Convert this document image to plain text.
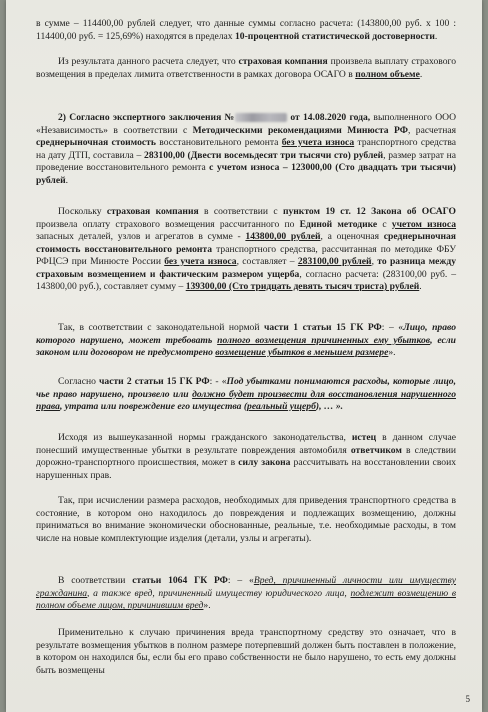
в сумме – 114400,00 рублей следует, что данные суммы согласно расчета: (143800,00 руб. х 100 : 114400,00 руб. = 125,69%) находятся в пределах 10-процентной статистической достоверности.

Из результата данного расчета следует, что страховая компания произвела выплату страхового возмещения в пределах лимита ответственности в рамках договора ОСАГО в полном объеме.

2) Согласно экспертного заключения №	от 14.08.2020 года, выполненного ООО «Независимость» в соответствии с Методическими рекомендациями Минюста РФ, расчетная среднерыночная стоимость восстановительного ремонта без учета износа транспортного средства на дату ДТП, составила – 283100,00 (Двести восемьдесят три тысячи сто) рублей, размер затрат на проведение восстановительного ремонта с учетом износа – 123000,00 (Сто двадцать три тысячи) рублей.

Поскольку страховая компания в соответствии с пунктом 19 ст. 12 Закона об ОСАГО произвела оплату страхового возмещения рассчитанного по Единой методике с учетом износа запасных деталей, узлов и агрегатов в сумме - 143800,00 рублей, а оценочная среднерыночная стоимость восстановительного ремонта транспортного средства, рассчитанная по методике ФБУ РФЦСЭ при Минюсте России без учета износа, составляет – 283100,00 рублей, то разница между страховым возмещением и фактическим размером ущерба, согласно расчета: (283100,00 руб. – 143800,00 руб.), составляет сумму – 139300,00 (Сто тридцать девять тысяч триста) рублей.

Так, в соответствии с законодательной нормой части 1 статьи 15 ГК РФ: – «Лицо, право которого нарушено, может требовать полного возмещения причиненных ему убытков, если законом или договором не предусмотрено возмещение убытков в меньшем размере».

Согласно части 2 статьи 15 ГК РФ: - «Под убытками понимаются расходы, которые лицо, чье право нарушено, произвело или должно будет произвести для восстановления нарушенного права, утрата или повреждение его имущества (реальный ущерб), … ».

Исходя из вышеуказанной нормы гражданского законодательства, истец в данном случае понесший имущественные убытки в результате повреждения автомобиля ответчиком в следствии дорожно-транспортного происшествия, может в силу закона рассчитывать на восстановлении своих нарушенных прав.

Так, при исчислении размера расходов, необходимых для приведения транспортного средства в состояние, в котором оно находилось до повреждения и подлежащих возмещению, должны приниматься во внимание экономически обоснованные, реальные, т.е. необходимые расходы, в том числе на новые комплектующие изделия (детали, узлы и агрегаты).

В соответствии статьи 1064 ГК РФ: – «Вред, причиненный личности или имуществу гражданина, а также вред, причиненный имуществу юридического лица, подлежит возмещению в полном объеме лицом, причинившим вред».

Применительно к случаю причинения вреда транспортному средству это означает, что в результате возмещения убытков в полном размере потерпевший должен быть поставлен в положение, в котором он находился бы, если бы его право собственности не было нарушено, то есть ему должны быть возмещены

5
